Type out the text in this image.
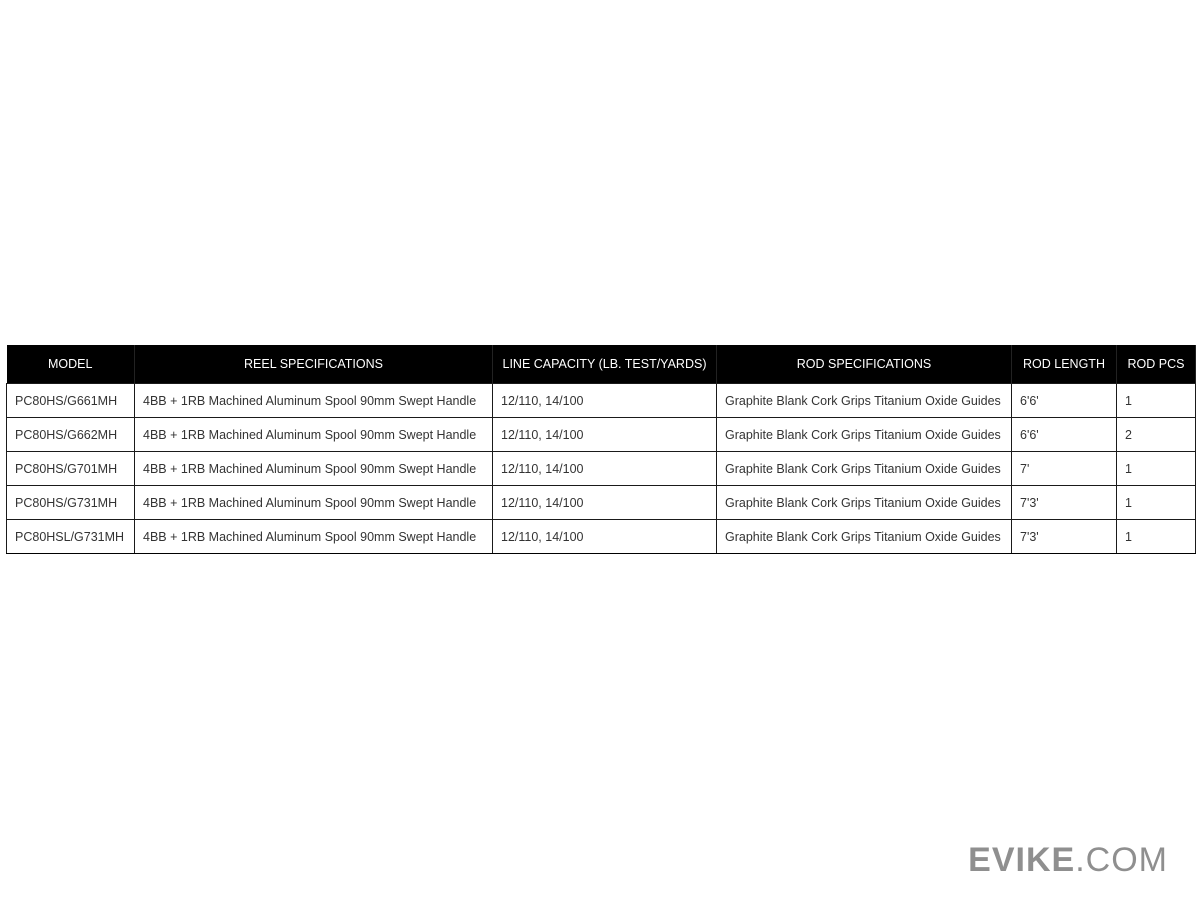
MODEL	REEL SPECIFICATIONS	LINE CAPACITY (LB. TEST/YARDS)	ROD SPECIFICATIONS	ROD LENGTH	ROD PCS
PC80HS/G661MH	4BB + 1RB Machined Aluminum Spool 90mm Swept Handle	12/110, 14/100	Graphite Blank Cork Grips Titanium Oxide Guides	6'6'	1
PC80HS/G662MH	4BB + 1RB Machined Aluminum Spool 90mm Swept Handle	12/110, 14/100	Graphite Blank Cork Grips Titanium Oxide Guides	6'6'	2
PC80HS/G701MH	4BB + 1RB Machined Aluminum Spool 90mm Swept Handle	12/110, 14/100	Graphite Blank Cork Grips Titanium Oxide Guides	7'	1
PC80HS/G731MH	4BB + 1RB Machined Aluminum Spool 90mm Swept Handle	12/110, 14/100	Graphite Blank Cork Grips Titanium Oxide Guides	7'3'	1
PC80HSL/G731MH	4BB + 1RB Machined Aluminum Spool 90mm Swept Handle	12/110, 14/100	Graphite Blank Cork Grips Titanium Oxide Guides	7'3'	1
EVIKE.COM
